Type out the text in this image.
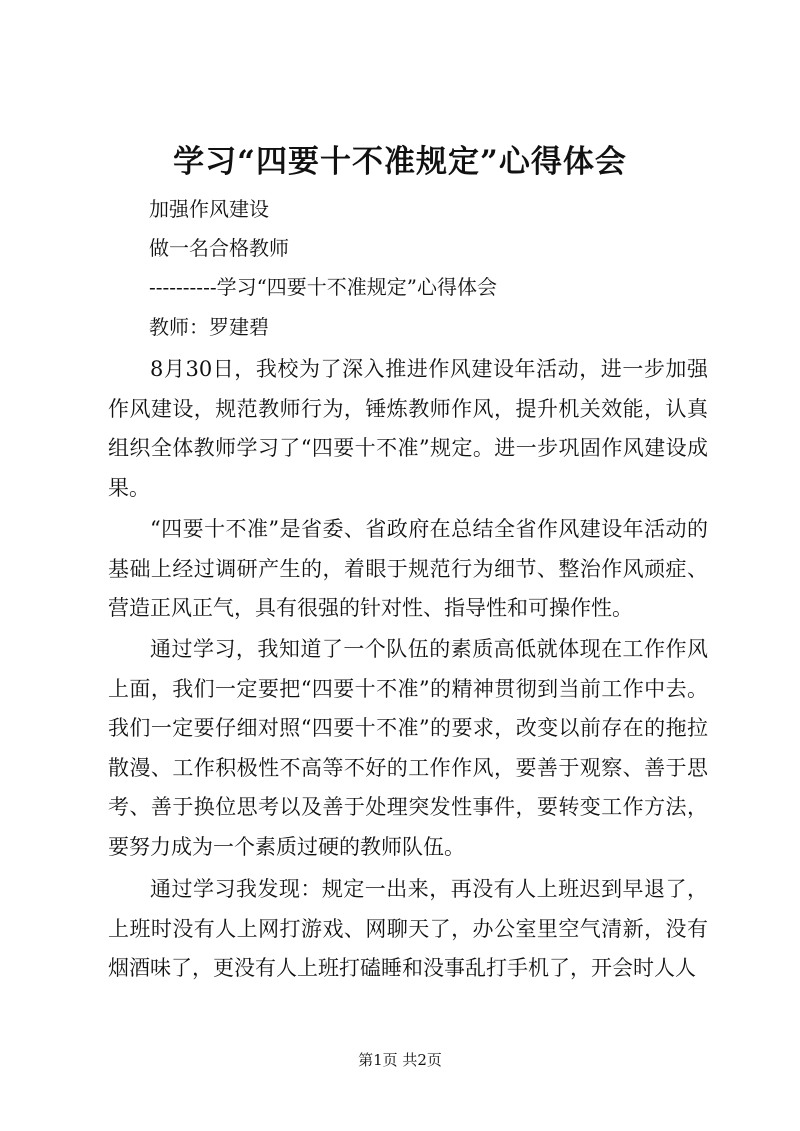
学习“四要十不准规定”心得体会
加强作风建设
做一名合格教师
----------学习“四要十不准规定”心得体会
教师：罗建碧

8月30日，我校为了深入推进作风建设年活动，进一步加强作风建设，规范教师行为，锤炼教师作风，提升机关效能，认真组织全体教师学习了“四要十不准”规定。进一步巩固作风建设成果。

“四要十不准”是省委、省政府在总结全省作风建设年活动的基础上经过调研产生的，着眼于规范行为细节、整治作风顽症、营造正风正气，具有很强的针对性、指导性和可操作性。

通过学习，我知道了一个队伍的素质高低就体现在工作作风上面，我们一定要把“四要十不准”的精神贯彻到当前工作中去。我们一定要仔细对照“四要十不准”的要求，改变以前存在的拖拉散漫、工作积极性不高等不好的工作作风，要善于观察、善于思考、善于换位思考以及善于处理突发性事件，要转变工作方法，要努力成为一个素质过硬的教师队伍。

通过学习我发现：规定一出来，再没有人上班迟到早退了，上班时没有人上网打游戏、网聊天了，办公室里空气清新，没有烟酒味了，更没有人上班打磕睡和没事乱打手机了，开会时人人

第1页 共2页
